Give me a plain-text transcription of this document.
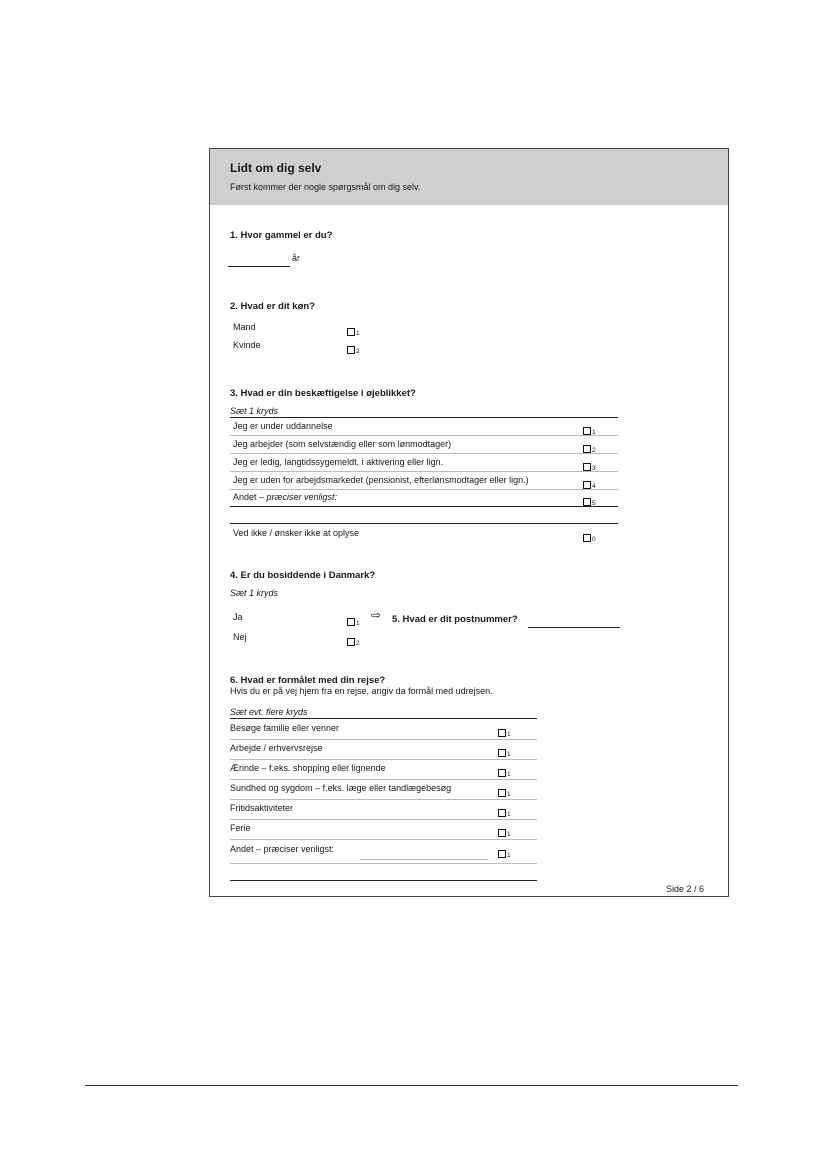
Lidt om dig selv
Først kommer der nogle spørgsmål om dig selv.
1. Hvor gammel er du?
år
2. Hvad er dit køn?
Mand
1
Kvinde
2
3. Hvad er din beskæftigelse i øjeblikket?
Sæt 1 kryds
Jeg er under uddannelse
1
Jeg arbejder (som selvstændig eller som lønmodtager)
2
Jeg er ledig, langtidssygemeldt, i aktivering eller lign.
3
Jeg er uden for arbejdsmarkedet (pensionist, efterlønsmodtager eller lign.)
4
Andet – præciser venligst:
5
Ved ikke / ønsker ikke at oplyse
0
4. Er du bosiddende i Danmark?
Sæt 1 kryds
Ja
1
⇨ 5. Hvad er dit postnummer?
Nej
2
6. Hvad er formålet med din rejse?
Hvis du er på vej hjem fra en rejse, angiv da formål med udrejsen.
Sæt evt. flere kryds
Besøge familie eller venner
1
Arbejde / erhvervsrejse
1
Ærinde – f.eks. shopping eller lignende
1
Sundhed og sygdom – f.eks. læge eller tandlægebesøg
1
Fritidsaktiviteter
1
Ferie
1
Andet – præciser venligst:
1
Side 2 / 6
